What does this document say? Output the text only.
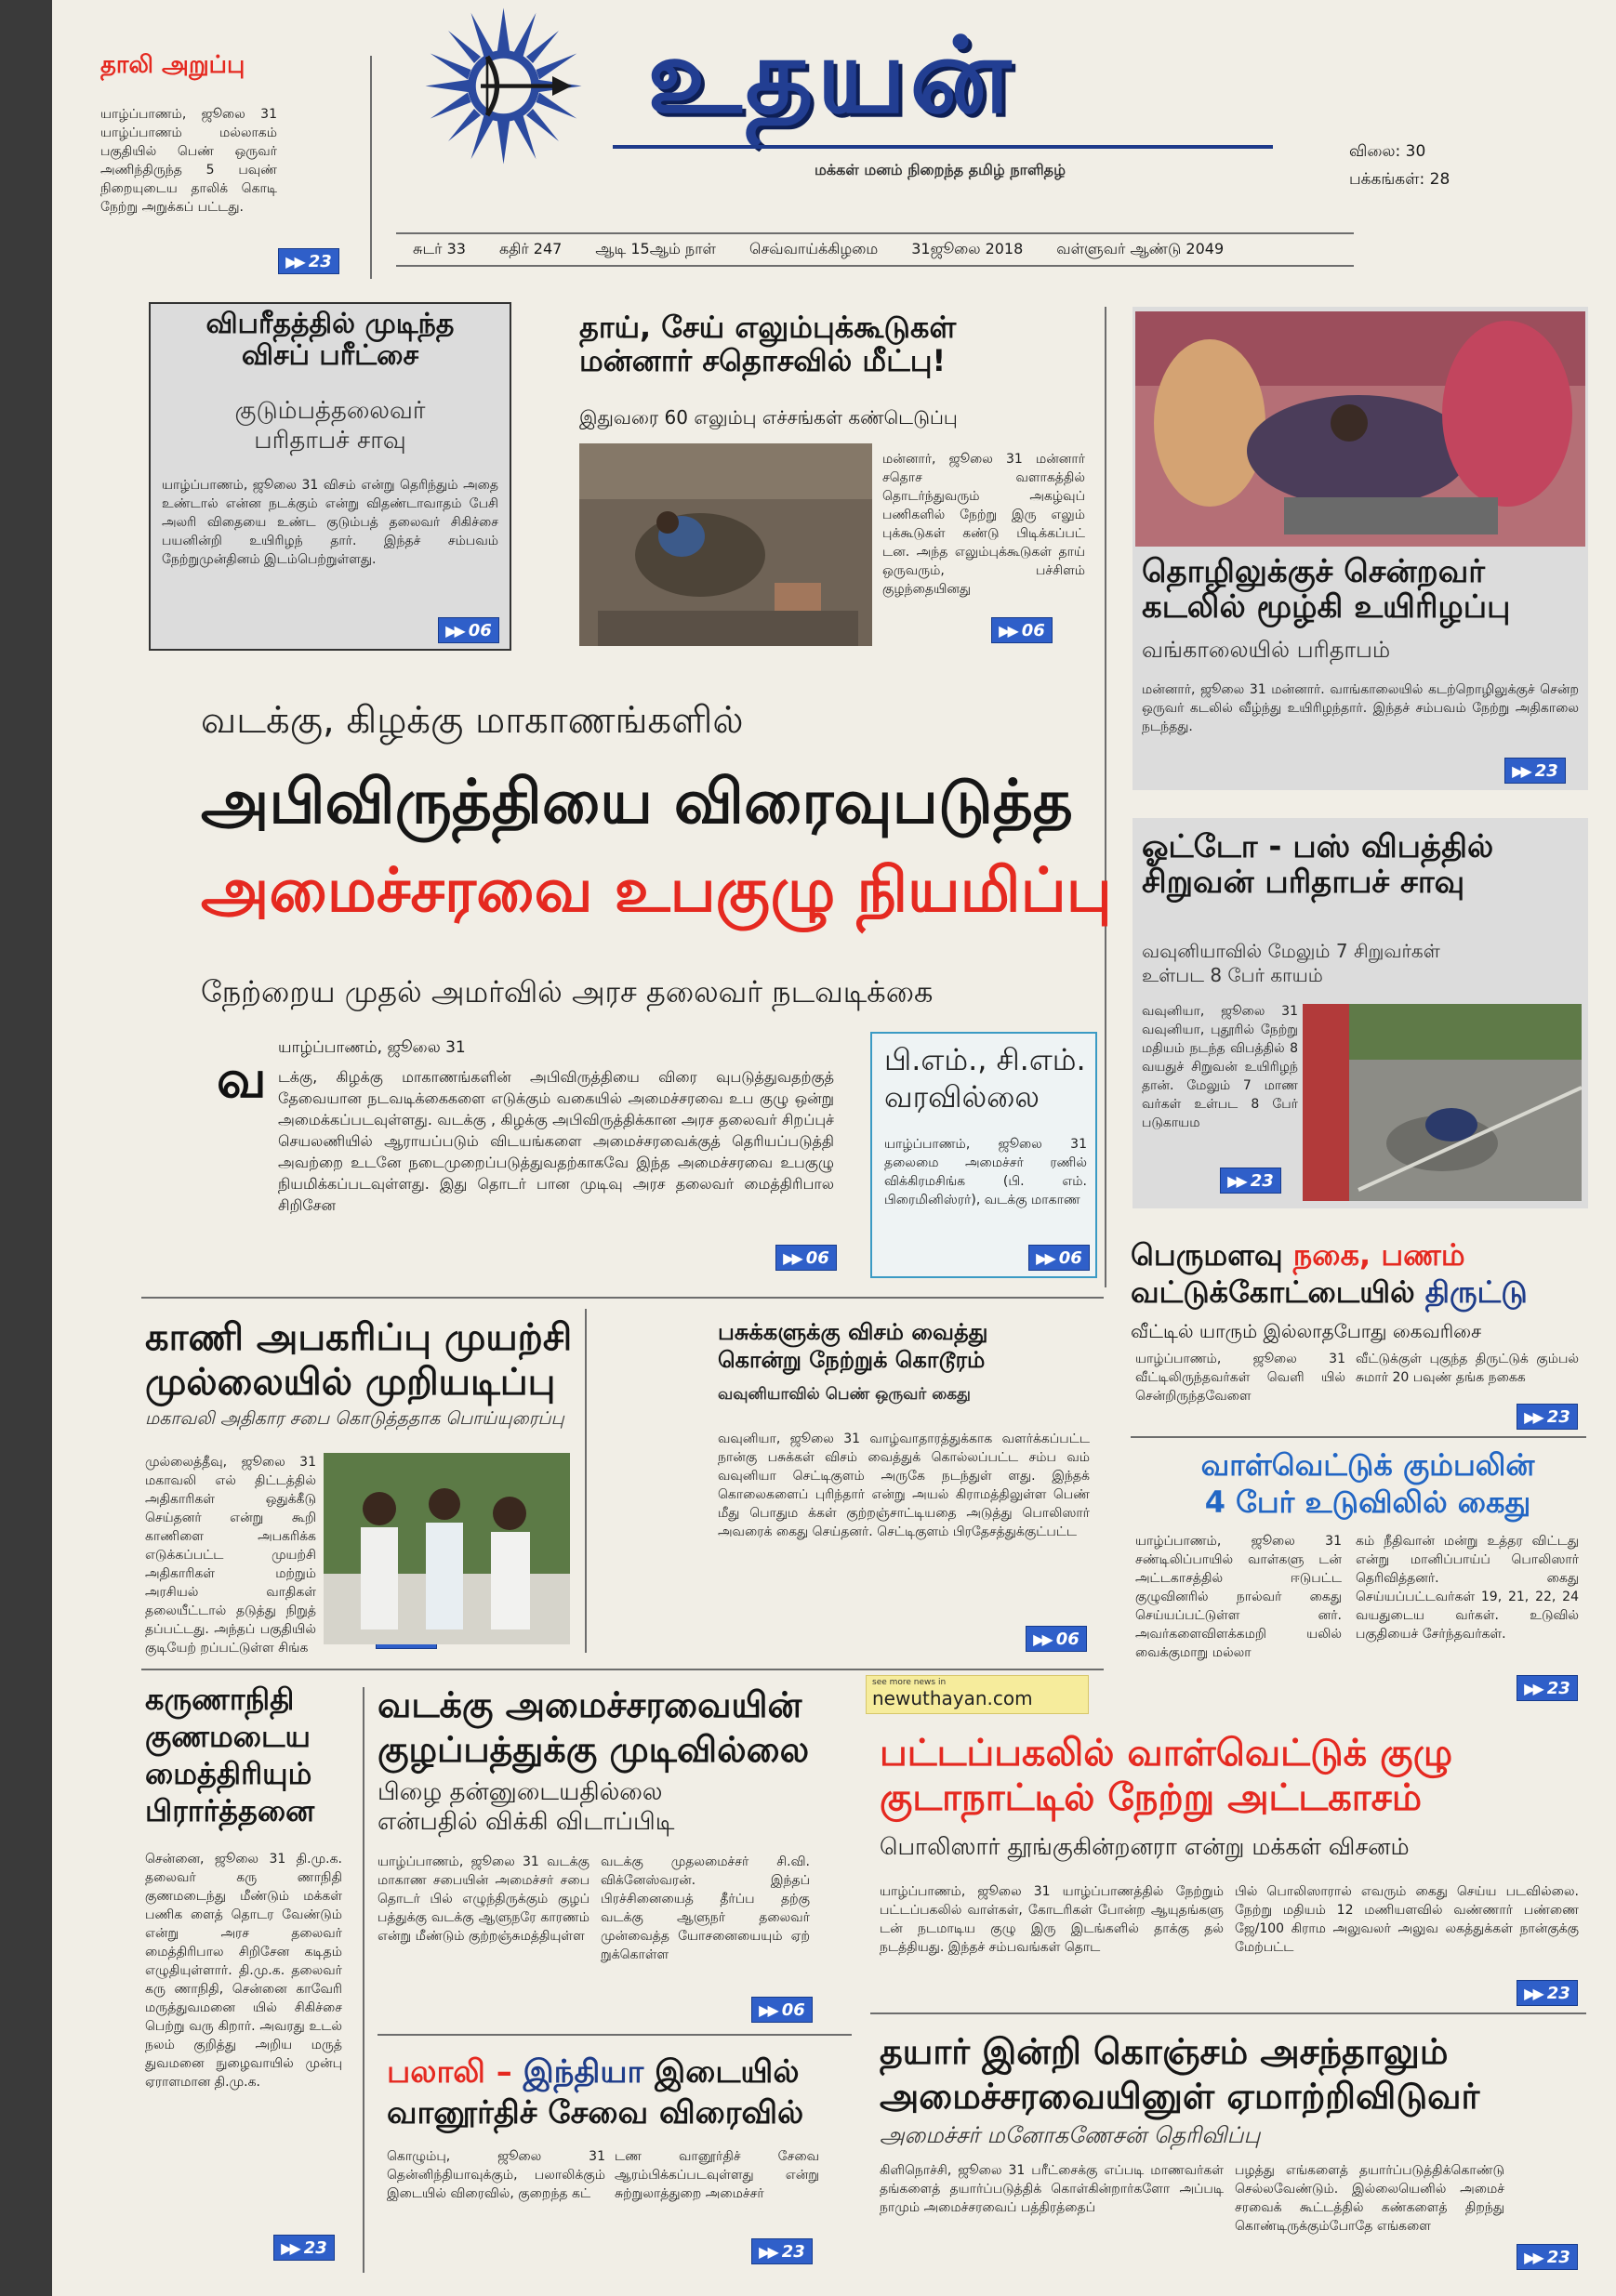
தாலி அறுப்பு
யாழ்ப்பாணம், ஜூலை 31 யாழ்ப்பாணம் மல்லாகம் பகுதியில் பெண் ஒருவர் அணிந்திருந்த 5 பவுண் நிறையுடைய தாலிக் கொடி நேற்று அறுக்கப் பட்டது.
▶▶ 23
உதயன்
மக்கள் மனம் நிறைந்த தமிழ் நாளிதழ்
விலை: 30
பக்கங்கள்: 28
சுடர் 33 கதிர் 247 ஆடி 15ஆம் நாள் செவ்வாய்க்கிழமை 31ஜூலை 2018 வள்ளுவர் ஆண்டு 2049
விபரீதத்தில் முடிந்த
விசப் பரீட்சை
குடும்பத்தலைவர்
பரிதாபச் சாவு
யாழ்ப்பாணம், ஜூலை 31 விசம் என்று தெரிந்தும் அதை உண்டால் என்ன நடக்கும் என்று விதண்டாவாதம் பேசி அலரி விதையை உண்ட குடும்பத் தலைவர் சிகிச்சை பயனின்றி உயிரிழந் தார். இந்தச் சம்பவம் நேற்றுமுன்தினம் இடம்பெற்றுள்ளது.
▶▶ 06
தாய், சேய் எலும்புக்கூடுகள்
மன்னார் சதொசவில் மீட்பு!
இதுவரை 60 எலும்பு எச்சங்கள் கண்டெடுப்பு
மன்னார், ஜூலை 31 மன்னார் சதொச வளாகத்தில் தொடர்ந்துவரும் அகழ்வுப் பணிகளில் நேற்று இரு எலும் புக்கூடுகள் கண்டு பிடிக்கப்பட் டன. அந்த எலும்புக்கூடுகள் தாய் ஒருவரும், பச்சிளம் குழந்தையினது
▶▶ 06
தொழிலுக்குச் சென்றவர்
கடலில் மூழ்கி உயிரிழப்பு
வங்காலையில் பரிதாபம்
மன்னார், ஜூலை 31 மன்னார். வாங்காலையில் கடற்றொழிலுக்குச் சென்ற ஒருவர் கடலில் வீழ்ந்து உயிரிழந்தார். இந்தச் சம்பவம் நேற்று அதிகாலை நடந்தது.
▶▶ 23
வடக்கு, கிழக்கு மாகாணங்களில்
அபிவிருத்தியை விரைவுபடுத்த
அமைச்சரவை உபகுழு நியமிப்பு
நேற்றைய முதல் அமர்வில் அரச தலைவர் நடவடிக்கை
யாழ்ப்பாணம், ஜூலை 31
வ டக்கு, கிழக்கு மாகாணங்களின் அபிவிருத்தியை விரை வுபடுத்துவதற்குத் தேவையான நடவடிக்கைகளை எடுக்கும் வகையில் அமைச்சரவை உப குழு ஒன்று அமைக்கப்படவுள்ளது. வடக்கு , கிழக்கு அபிவிருத்திக்கான அரச தலைவர் சிறப்புச் செயலணியில் ஆராயப்படும் விடயங்களை அமைச்சரவைக்குத் தெரியப்படுத்தி அவற்றை உடனே நடைமுறைப்படுத்துவதற்காகவே இந்த அமைச்சரவை உபகுழு நியமிக்கப்படவுள்ளது. இது தொடர் பான முடிவு அரச தலைவர் மைத்திரிபால சிறிசேன
▶▶ 06
பி.எம்., சி.எம்.
வரவில்லை
யாழ்ப்பாணம், ஜூலை 31 தலைமை அமைச்சர் ரணில் விக்கிரமசிங்க (பி. எம். பிரைமினிஸ்ரர்), வடக்கு மாகாண
▶▶ 06
ஓட்டோ - பஸ் விபத்தில்
சிறுவன் பரிதாபச் சாவு
வவுனியாவில் மேலும் 7 சிறுவர்கள்
உள்பட 8 பேர் காயம்
வவுனியா, ஜூலை 31 வவுனியா, புதூரில் நேற்று மதியம் நடந்த விபத்தில் 8 வயதுச் சிறுவன் உயிரிழந் தான். மேலும் 7 மாண வர்கள் உள்பட 8 பேர் படுகாயம
▶▶ 23
காணி அபகரிப்பு முயற்சி
முல்லையில் முறியடிப்பு
மகாவலி அதிகார சபை கொடுத்ததாக பொய்யுரைப்பு
முல்லைத்தீவு, ஜூலை 31 மகாவலி எல் திட்டத்தில் அதிகாரிகள் ஒதுக்கீடு செய்தனர் என்று கூறி காணிளை அபகரிக்க எடுக்கப்பட்ட முயற்சி அதிகாரிகள் மற்றும் அரசியல் வாதிகள் தலையீட்டால் தடுத்து நிறுத் தப்பட்டது. அந்தப் பகுதியில் குடியேற் றப்பட்டுள்ள சிங்க
பசுக்களுக்கு விசம் வைத்து
கொன்று நேற்றுக் கொடூரம்
வவுனியாவில் பெண் ஒருவர் கைது
வவுனியா, ஜூலை 31 வாழ்வாதாரத்துக்காக வளர்க்கப்பட்ட நான்கு பசுக்கள் விசம் வைத்துக் கொல்லப்பட்ட சம்ப வம் வவுனியா செட்டிகுளம் அருகே நடந்துள் ளது. இந்தக் கொலைகளைப் புரிந்தார் என்று அயல் கிராமத்திலுள்ள பெண் மீது பொதும க்கள் குற்றஞ்சாட்டியதை அடுத்து பொலிஸார் அவரைக் கைது செய்தனர். செட்டிகுளம் பிரதேசத்துக்குட்பட்ட
▶▶ 06
பெருமளவு நகை, பணம்
வட்டுக்கோட்டையில் திருட்டு
வீட்டில் யாரும் இல்லாதபோது கைவரிசை
யாழ்ப்பாணம், ஜூலை 31 வீட்டிலிருந்தவர்கள் வெளி யில் சென்றிருந்தவேளை
வீட்டுக்குள் புகுந்த திருட்டுக் கும்பல் சுமார் 20 பவுண் தங்க நகைக
▶▶ 23
வாள்வெட்டுக் கும்பலின்
4 பேர் உடுவிலில் கைது
யாழ்ப்பாணம், ஜூலை 31 சண்டிலிப்பாயில் வாள்களு டன் அட்டகாசத்தில் ஈடுபட்ட குழுவினரில் நால்வர் கைது செய்யப்பட்டுள்ள னர். அவர்களைவிளக்கமறி யலில் வைக்குமாறு மல்லா
கம் நீதிவான் மன்று உத்தர விட்டது என்று மானிப்பாய்ப் பொலிஸார் தெரிவித்தனர். கைது செய்யப்பட்டவர்கள் 19, 21, 22, 24 வயதுடைய வர்கள். உடுவில் பகுதியைச் சேர்ந்தவர்கள்.
▶▶ 23
கருணாநிதி குணமடைய மைத்திரியும் பிரார்த்தனை
சென்னை, ஜூலை 31 தி.மு.க. தலைவர் கரு ணாநிதி குணமடைந்து மீண்டும் மக்கள் பணிக ளைத் தொடர வேண்டும் என்று அரச தலைவர் மைத்திரிபால சிறிசேன கடிதம் எழுதியுள்ளார். தி.மு.க. தலைவர் கரு ணாநிதி, சென்னை காவேரி மருத்துவமனை யில் சிகிச்சை பெற்று வரு கிறார். அவரது உடல் நலம் குறித்து அறிய மருத் துவமனை நுழைவாயில் முன்பு ஏராளமான தி.மு.க.
▶▶ 23
வடக்கு அமைச்சரவையின்
குழப்பத்துக்கு முடிவில்லை
பிழை தன்னுடையதில்லை
என்பதில் விக்கி விடாப்பிடி
யாழ்ப்பாணம், ஜூலை 31 வடக்கு மாகாண சபையின் அமைச்சர் சபை தொடர் பில் எழுந்திருக்கும் குழப் பத்துக்கு வடக்கு ஆளுநரே காரணம் என்று மீண்டும் குற்றஞ்சுமத்தியுள்ள
வடக்கு முதலமைச்சர் சி.வி. விக்னேஸ்வரன். இந்தப் பிரச்சினையைத் தீர்ப்ப தற்கு வடக்கு ஆளுநர் தலைவர் முன்வைத்த யோசனையையும் ஏற் றுக்கொள்ள
▶▶ 06
see more news in
newuthayan.com
பலாலி – இந்தியா இடையில்
வானூர்திச் சேவை விரைவில்
கொழும்பு, ஜூலை 31 தென்னிந்தியாவுக்கும், பலாலிக்கும் இடையில் விரைவில், குறைந்த கட்
டண வானூர்திச் சேவை ஆரம்பிக்கப்படவுள்ளது என்று சுற்றுலாத்துறை அமைச்சர்
▶▶ 23
பட்டப்பகலில் வாள்வெட்டுக் குழு
குடாநாட்டில் நேற்று அட்டகாசம்
பொலிஸார் தூங்குகின்றனரா என்று மக்கள் விசனம்
யாழ்ப்பாணம், ஜூலை 31 யாழ்ப்பாணத்தில் நேற்றும் பட்டப்பகலில் வாள்கள், கோடரிகள் போன்ற ஆயுதங்களு டன் நடமாடிய குழு இரு இடங்களில் தாக்கு தல் நடத்தியது. இந்தச் சம்பவங்கள் தொட
பில் பொலிஸாரால் எவரும் கைது செய்ய படவில்லை. நேற்று மதியம் 12 மணியளவில் வண்ணார் பண்ணை ஜே/100 கிராம அலுவலர் அலுவ லகத்துக்கள் நான்குக்கு மேற்பட்ட
▶▶ 23
தயார் இன்றி கொஞ்சம் அசந்தாலும்
அமைச்சரவையினுள் ஏமாற்றிவிடுவர்
அமைச்சர் மனோகணேசன் தெரிவிப்பு
கிளிநொச்சி, ஜூலை 31 பரீட்சைக்கு எப்படி மாணவர்கள் தங்களைத் தயார்ப்படுத்திக் கொள்கின்றார்களோ அப்படி நாமும் அமைச்சரவைப் பத்திரத்தைப்
பழத்து எங்களைத் தயார்ப்படுத்திக்கொண்டு செல்லவேண்டும். இல்லையெனில் அமைச் சரவைக் கூட்டத்தில் கண்களைத் திறந்து கொண்டிருக்கும்போதே எங்களை
▶▶ 23
